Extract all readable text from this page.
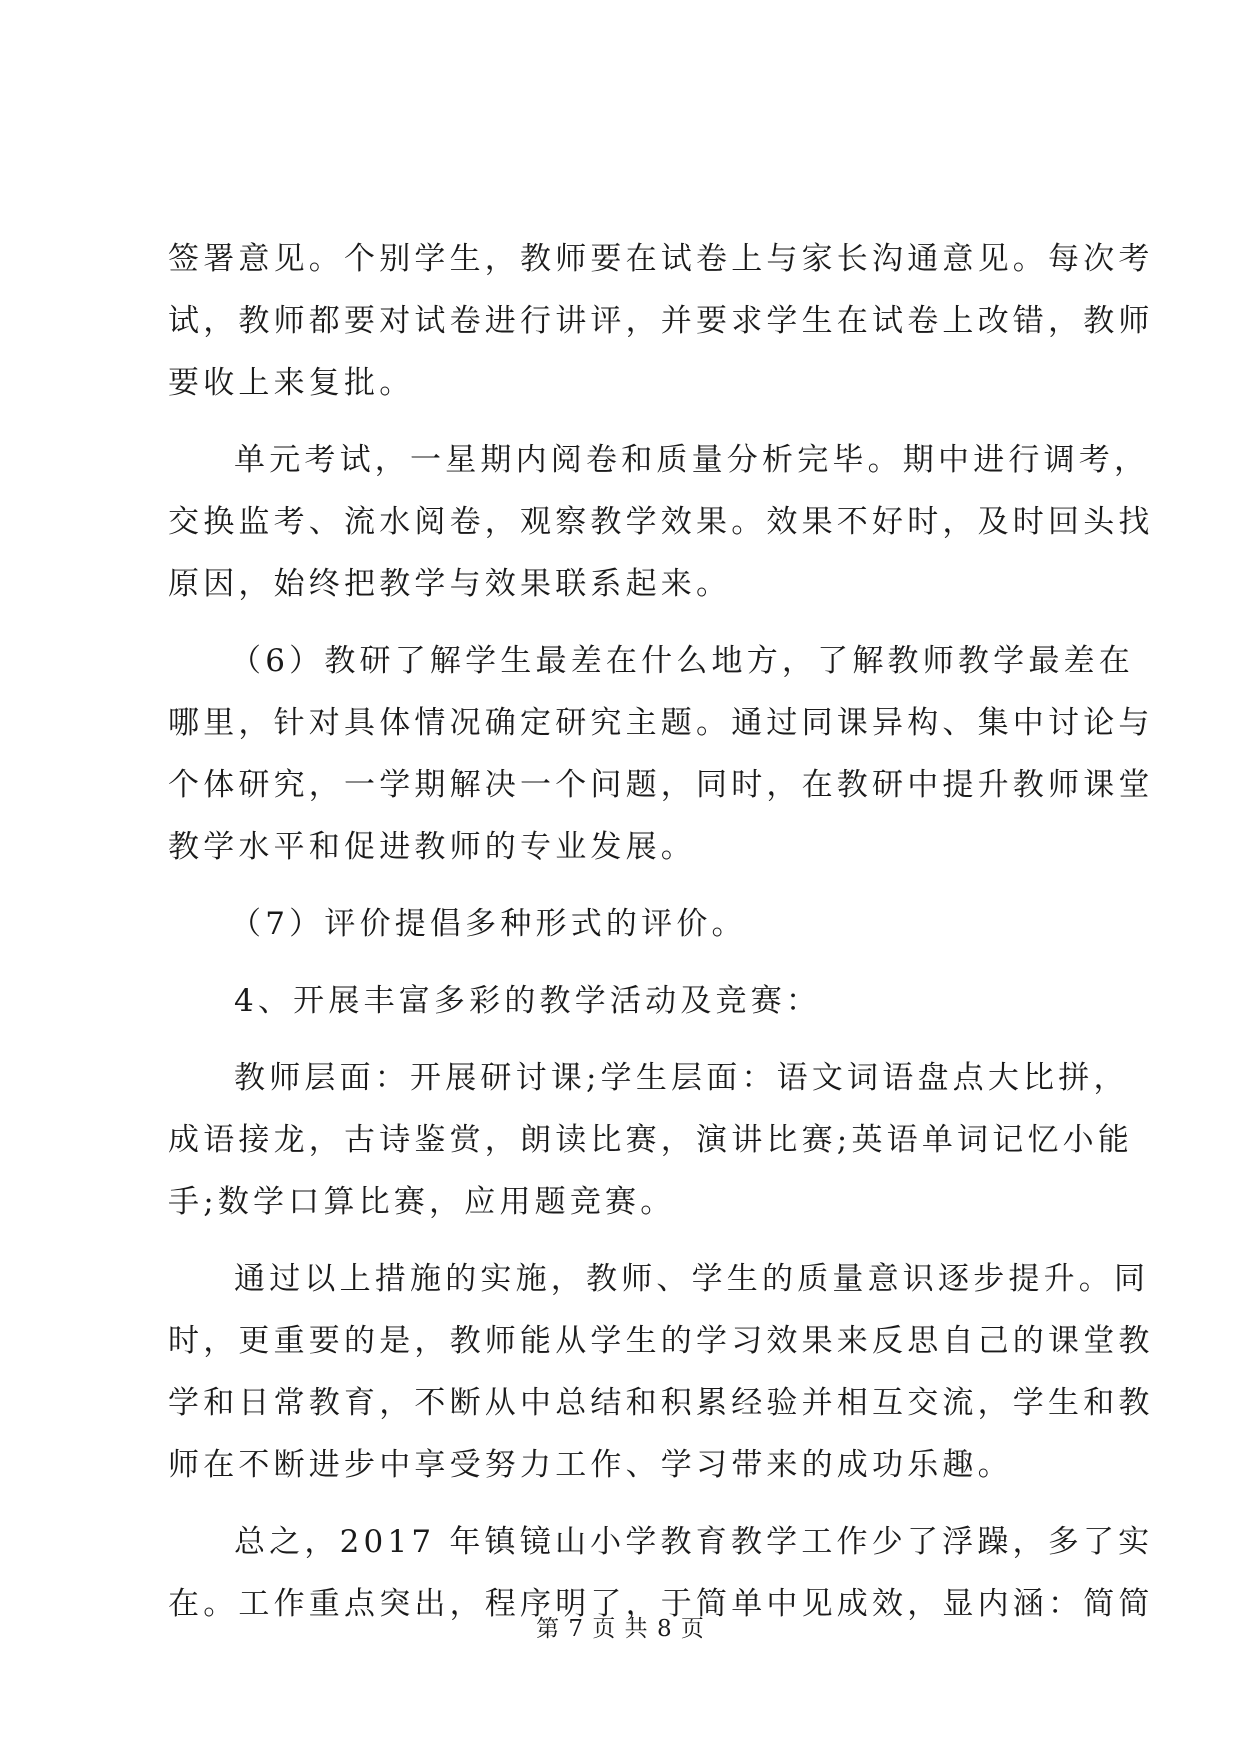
签署意见。个别学生，教师要在试卷上与家长沟通意见。每次考
试，教师都要对试卷进行讲评，并要求学生在试卷上改错，教师
要收上来复批。
单元考试，一星期内阅卷和质量分析完毕。期中进行调考，
交换监考、流水阅卷，观察教学效果。效果不好时，及时回头找
原因，始终把教学与效果联系起来。
（6）教研了解学生最差在什么地方，了解教师教学最差在
哪里，针对具体情况确定研究主题。通过同课异构、集中讨论与
个体研究，一学期解决一个问题，同时，在教研中提升教师课堂
教学水平和促进教师的专业发展。
（7）评价提倡多种形式的评价。
4、开展丰富多彩的教学活动及竞赛：
教师层面：开展研讨课;学生层面：语文词语盘点大比拼，
成语接龙，古诗鉴赏，朗读比赛，演讲比赛;英语单词记忆小能
手;数学口算比赛，应用题竞赛。
通过以上措施的实施，教师、学生的质量意识逐步提升。同
时，更重要的是，教师能从学生的学习效果来反思自己的课堂教
学和日常教育，不断从中总结和积累经验并相互交流，学生和教
师在不断进步中享受努力工作、学习带来的成功乐趣。
总之，2017 年镇镜山小学教育教学工作少了浮躁，多了实
在。工作重点突出，程序明了，于简单中见成效，显内涵：简简
第 7 页 共 8 页
